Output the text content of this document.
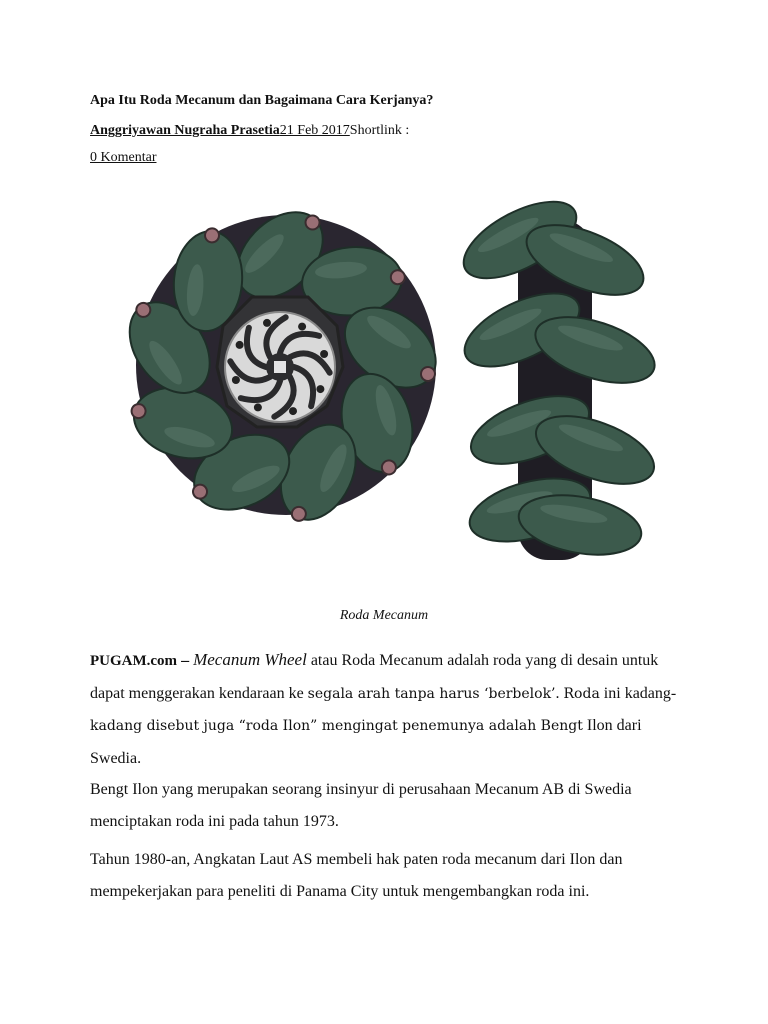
Apa Itu Roda Mecanum dan Bagaimana Cara Kerjanya?
Anggriyawan Nugraha Prasetia21 Feb 2017Shortlink :
0 Komentar
Roda Mecanum
PUGAM.com – Mecanum Wheel atau Roda Mecanum adalah roda yang di desain untuk dapat menggerakan kendaraan ke segala arah tanpa harus ‘berbelok’. Roda ini kadang-kadang disebut juga “roda Ilon” mengingat penemunya adalah Bengt Ilon dari Swedia.
Bengt Ilon yang merupakan seorang insinyur di perusahaan Mecanum AB di Swedia menciptakan roda ini pada tahun 1973.
Tahun 1980-an, Angkatan Laut AS membeli hak paten roda mecanum dari Ilon dan mempekerjakan para peneliti di Panama City untuk mengembangkan roda ini.
